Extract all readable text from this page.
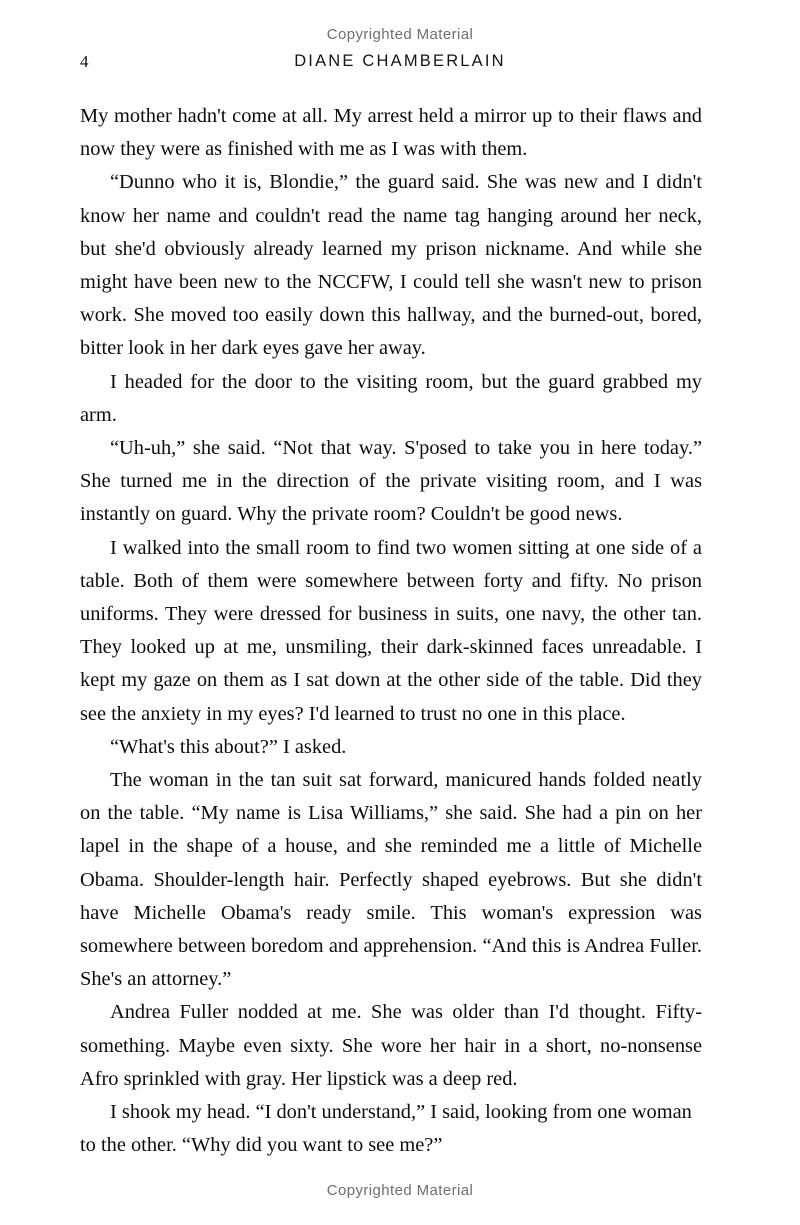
Copyrighted Material
4	DIANE CHAMBERLAIN

My mother hadn't come at all. My arrest held a mirror up to their flaws and now they were as finished with me as I was with them.

“Dunno who it is, Blondie,” the guard said. She was new and I didn't know her name and couldn't read the name tag hanging around her neck, but she'd obviously already learned my prison nickname. And while she might have been new to the NCCFW, I could tell she wasn't new to prison work. She moved too easily down this hallway, and the burned-out, bored, bitter look in her dark eyes gave her away.

I headed for the door to the visiting room, but the guard grabbed my arm.

“Uh-uh,” she said. “Not that way. S'posed to take you in here today.” She turned me in the direction of the private visiting room, and I was instantly on guard. Why the private room? Couldn't be good news.

I walked into the small room to find two women sitting at one side of a table. Both of them were somewhere between forty and fifty. No prison uniforms. They were dressed for business in suits, one navy, the other tan. They looked up at me, unsmiling, their dark-skinned faces unreadable. I kept my gaze on them as I sat down at the other side of the table. Did they see the anxiety in my eyes? I'd learned to trust no one in this place.

“What's this about?” I asked.

The woman in the tan suit sat forward, manicured hands folded neatly on the table. “My name is Lisa Williams,” she said. She had a pin on her lapel in the shape of a house, and she reminded me a little of Michelle Obama. Shoulder-length hair. Perfectly shaped eyebrows. But she didn't have Michelle Obama's ready smile. This woman's expression was somewhere between boredom and apprehension. “And this is Andrea Fuller. She's an attorney.”

Andrea Fuller nodded at me. She was older than I'd thought. Fifty-something. Maybe even sixty. She wore her hair in a short, no-nonsense Afro sprinkled with gray. Her lipstick was a deep red.

I shook my head. “I don't understand,” I said, looking from one woman to the other. “Why did you want to see me?”

Copyrighted Material
